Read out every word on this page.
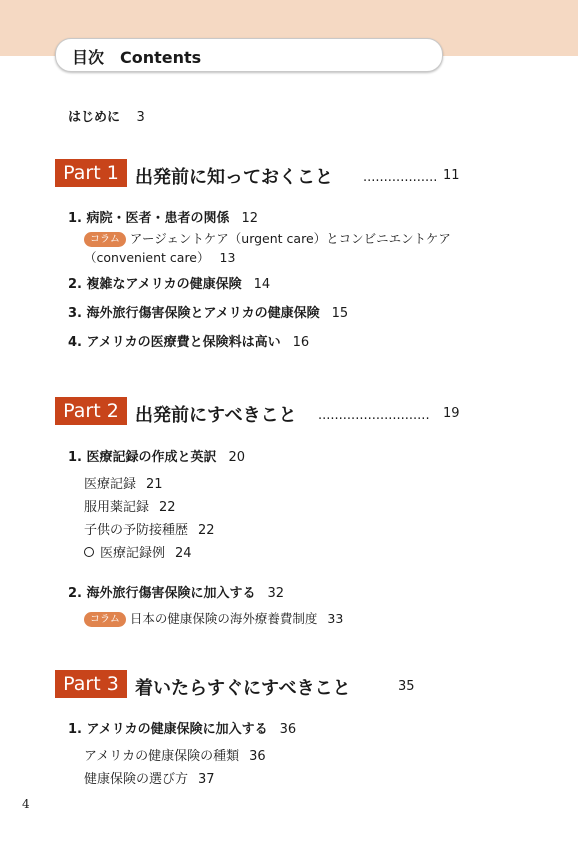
目次　Contents
はじめに 3
Part 1 出発前に知っておくこと .................. 11
1. 病院・医者・患者の関係 12
コラム アージェントケア（urgent care）とコンビニエントケア
（convenient care） 13
2. 複雑なアメリカの健康保険 14
3. 海外旅行傷害保険とアメリカの健康保険 15
4. アメリカの医療費と保険料は高い 16
Part 2 出発前にすべきこと ........................... 19
1. 医療記録の作成と英訳 20
医療記録 21
服用薬記録 22
子供の予防接種歴 22
医療記録例 24
2. 海外旅行傷害保険に加入する 32
コラム 日本の健康保険の海外療養費制度 33
Part 3 着いたらすぐにすべきこと	35
1. アメリカの健康保険に加入する 36
アメリカの健康保険の種類 36
健康保険の選び方 37
4
